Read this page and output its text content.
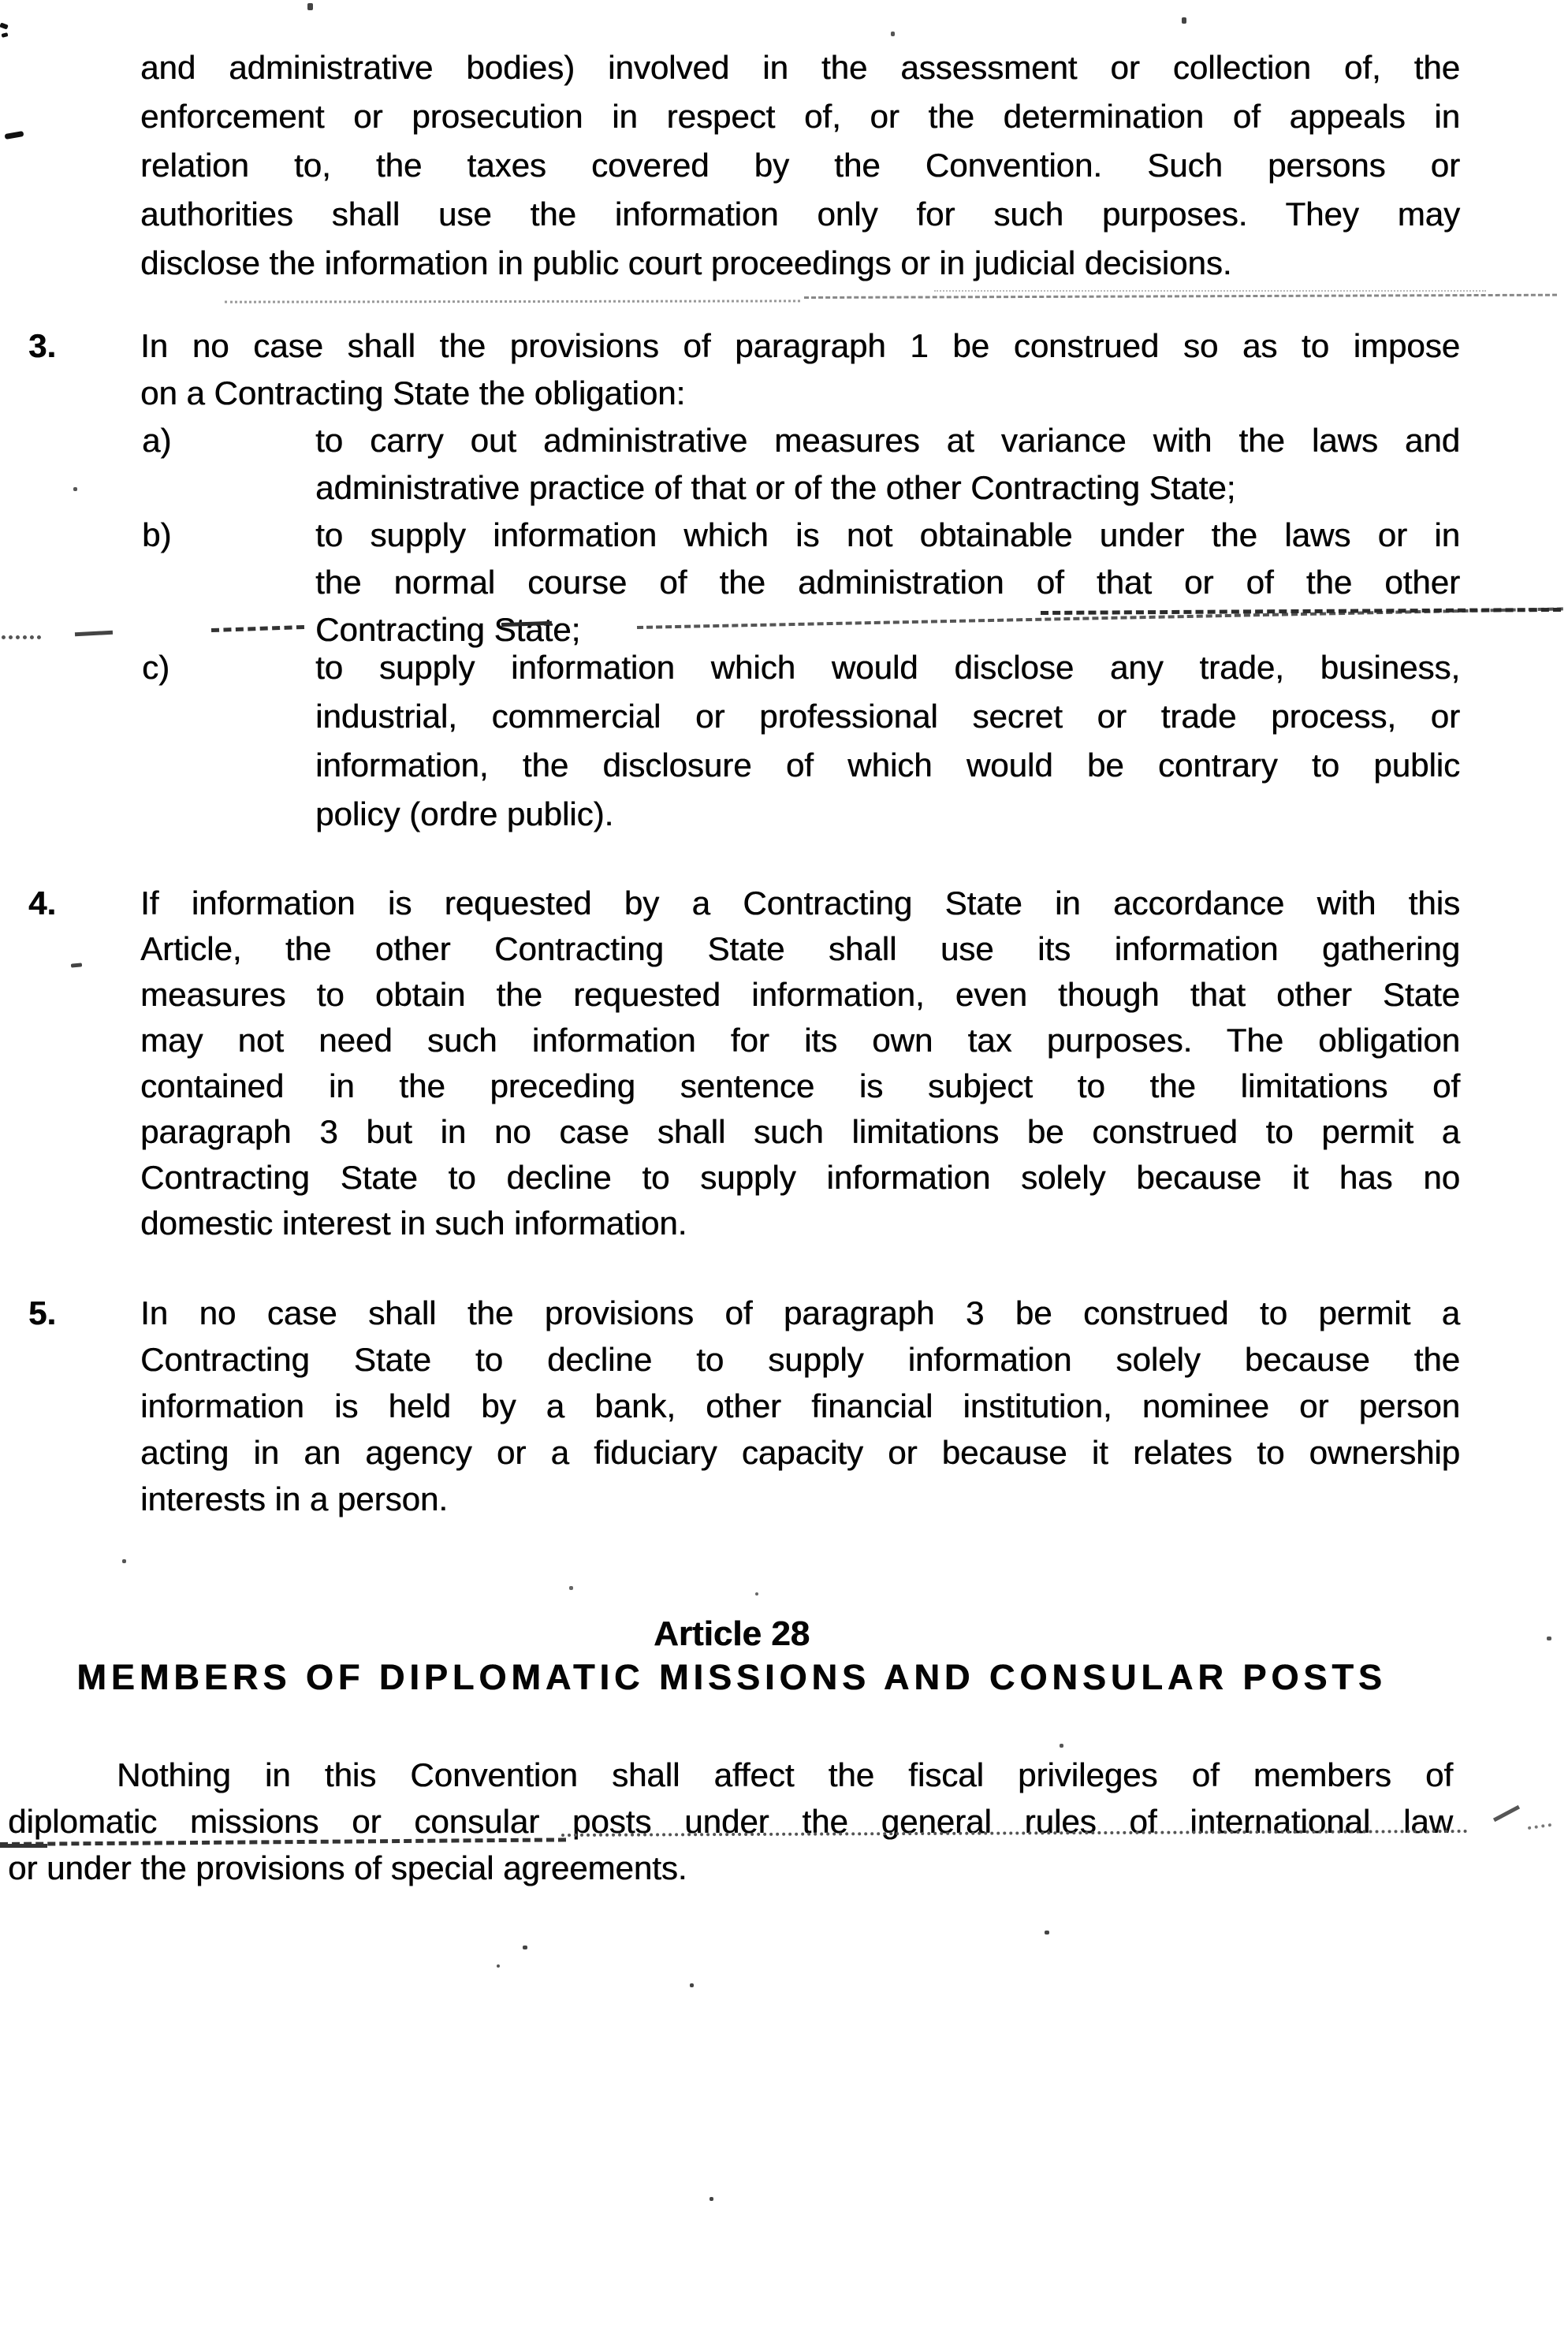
and administrative bodies) involved in the assessment or collection of, the
enforcement or prosecution in respect of, or the determination of appeals in
relation to, the taxes covered by the Convention. Such persons or
authorities shall use the information only for such purposes. They may
disclose the information in public court proceedings or in judicial decisions.
3.	In no case shall the provisions of paragraph 1 be construed so as to impose
on a Contracting State the obligation:
a)	to carry out administrative measures at variance with the laws and
administrative practice of that or of the other Contracting State;
b)	to supply information which is not obtainable under the laws or in
the normal course of the administration of that or of the other
Contracting State;
c)	to supply information which would disclose any trade, business,
industrial, commercial or professional secret or trade process, or
information, the disclosure of which would be contrary to public
policy (ordre public).
4.	If information is requested by a Contracting State in accordance with this
Article, the other Contracting State shall use its information gathering
measures to obtain the requested information, even though that other State
may not need such information for its own tax purposes. The obligation
contained in the preceding sentence is subject to the limitations of
paragraph 3 but in no case shall such limitations be construed to permit a
Contracting State to decline to supply information solely because it has no
domestic interest in such information.
5.	In no case shall the provisions of paragraph 3 be construed to permit a
Contracting State to decline to supply information solely because the
information is held by a bank, other financial institution, nominee or person
acting in an agency or a fiduciary capacity or because it relates to ownership
interests in a person.
Article 28
MEMBERS OF DIPLOMATIC MISSIONS AND CONSULAR POSTS
Nothing in this Convention shall affect the fiscal privileges of members of
diplomatic missions or consular posts under the general rules of international law
or under the provisions of special agreements.
